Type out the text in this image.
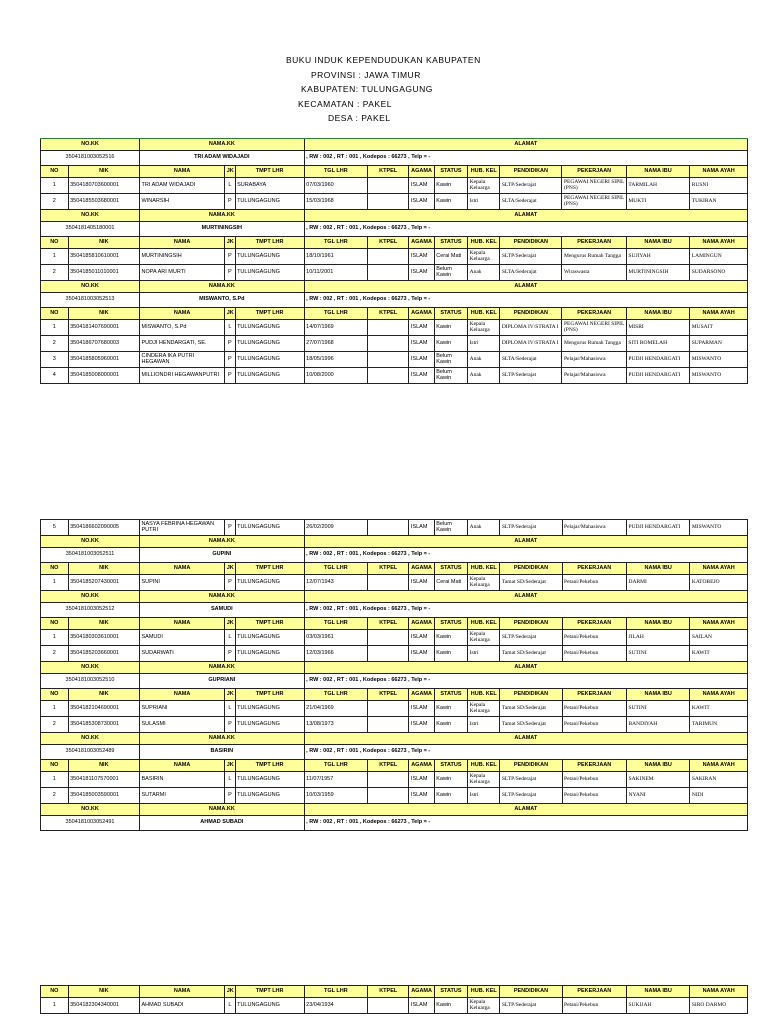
BUKU INDUK KEPENDUDUKAN KABUPATEN
PROVINSI : JAWA TIMUR
KABUPATEN: TULUNGAGUNG
KECAMATAN : PAKEL
DESA : PAKEL
NO.KK		NAMA.KK			ALAMAT								
3504181003052516		TRI ADAM WIDAJADI			, RW : 002 , RT : 001 , Kodepos : 66273 , Telp = -								
NO	NIK	NAMA	JK	TMPT LHR	TGL LHR	KTPEL	AGAMA	STATUS	HUB. KEL	PENDIDIKAN	PEKERJAAN	NAMA IBU	NAMA AYAH
1	3504180703600001	TRI ADAM WIDAJADI	L	SURABAYA	07/03/1960		ISLAM	Kawin	Kepala Keluarga	SLTP/Sederajat	PEGAWAI NEGERI SIPIL (PNS)	TARMILAH	RUSNI
2	3504185503680001	WINARSIH	P	TULUNGAGUNG	15/03/1968		ISLAM	Kawin	Istri	SLTA/Sederajat	PEGAWAI NEGERI SIPIL (PNS)	MUKTI	TUKIRAN
NO.KK		NAMA.KK			ALAMAT								
3504181405180001		MURTININGSIH			, RW : 002 , RT : 001 , Kodepos : 66273 , Telp = -								
NO	NIK	NAMA	JK	TMPT LHR	TGL LHR	KTPEL	AGAMA	STATUS	HUB. KEL	PENDIDIKAN	PEKERJAAN	NAMA IBU	NAMA AYAH
1	3504185810610001	MURTININGSIH	P	TULUNGAGUNG	18/10/1961		ISLAM	Cerai Mati	Kepala Keluarga	SLTP/Sederajat	Mengurus Rumah Tangga	SUJIYAH	LAMINGUN
2	3504185011010001	NOPA ARI MURTI	P	TULUNGAGUNG	10/11/2001		ISLAM	Belum Kawin	Anak	SLTA/Sederajat	Wiraswasta	MURTININGSIH	SUDARSONO
NO.KK		NAMA.KK			ALAMAT								
3504181003052513		MISWANTO, S.Pd			, RW : 002 , RT : 001 , Kodepos : 66273 , Telp = -								
NO	NIK	NAMA	JK	TMPT LHR	TGL LHR	KTPEL	AGAMA	STATUS	HUB. KEL	PENDIDIKAN	PEKERJAAN	NAMA IBU	NAMA AYAH
1	3504181407690001	MISWANTO, S.Pd	L	TULUNGAGUNG	14/07/1969		ISLAM	Kawin	Kepala Keluarga	DIPLOMA IV/STRATA I	PEGAWAI NEGERI SIPIL (PNS)	MISRI	MUSAIT
2	3504186707680003	PUDJI HENDARGATI, SE.	P	TULUNGAGUNG	27/07/1968		ISLAM	Kawin	Istri	DIPLOMA IV/STRATA I	Mengurus Rumah Tangga	SITI ROMELAH	SUPARMAN
3	3504185805960001	CINDERA IKA PUTRI HEGAWAN	P	TULUNGAGUNG	18/05/1996		ISLAM	Belum Kawin	Anak	SLTA/Sederajat	Pelajar/Mahasiswa	PUDJI HENDARGATI	MISWANTO
4	3504185008000001	MILLIONDRI HEGAWANPUTRI	P	TULUNGAGUNG	10/08/2000		ISLAM	Belum Kawin	Anak	SLTP/Sederajat	Pelajar/Mahasiswa	PUDJI HENDARGATI	MISWANTO
5	3504186602090005	NASYA FEBRINA HEGAWAN PUTRI	P	TULUNGAGUNG	26/02/2009		ISLAM	Belum Kawin	Anak	SLTP/Sederajat	Pelajar/Mahasiswa	PUDJI HENDARGATI	MISWANTO
NO.KK		NAMA.KK			ALAMAT								
3504181003052511		GUPINI			, RW : 002 , RT : 001 , Kodepos : 66273 , Telp = -								
NO	NIK	NAMA	JK	TMPT LHR	TGL LHR	KTPEL	AGAMA	STATUS	HUB. KEL	PENDIDIKAN	PEKERJAAN	NAMA IBU	NAMA AYAH
1	3504185207430001	SUPINI	P	TULUNGAGUNG	12/07/1943		ISLAM	Cerai Mati	Kepala Keluarga	Tamat SD/Sederajat	Petani/Pekebun	DARMI	KATOBEJO
NO.KK		NAMA.KK			ALAMAT								
3504181003052512		SAMUDI			, RW : 002 , RT : 001 , Kodepos : 66273 , Telp = -								
NO	NIK	NAMA	JK	TMPT LHR	TGL LHR	KTPEL	AGAMA	STATUS	HUB. KEL	PENDIDIKAN	PEKERJAAN	NAMA IBU	NAMA AYAH
1	3504180303610001	SAMUDI	L	TULUNGAGUNG	03/03/1961		ISLAM	Kawin	Kepala Keluarga	SLTP/Sederajat	Petani/Pekebun	JILAH	SAILAN
2	3504185203660001	SUDARWATI	P	TULUNGAGUNG	12/03/1966		ISLAM	Kawin	Istri	Tamat SD/Sederajat	Petani/Pekebun	SUTINI	KAWIT
NO.KK		NAMA.KK			ALAMAT								
3504181003052510		GUPRIANI			, RW : 002 , RT : 001 , Kodepos : 66273 , Telp = -								
NO	NIK	NAMA	JK	TMPT LHR	TGL LHR	KTPEL	AGAMA	STATUS	HUB. KEL	PENDIDIKAN	PEKERJAAN	NAMA IBU	NAMA AYAH
1	3504182104690001	SUPRIANI	L	TULUNGAGUNG	21/04/1969		ISLAM	Kawin	Kepala Keluarga	Tamat SD/Sederajat	Petani/Pekebun	SUTINI	KAWIT
2	3504185308730001	SULASMI	P	TULUNGAGUNG	13/08/1973		ISLAM	Kawin	Istri	Tamat SD/Sederajat	Petani/Pekebun	BANDIYAH	TARIMUN
NO.KK		NAMA.KK			ALAMAT								
3504181003052489		BASIRIN			, RW : 002 , RT : 001 , Kodepos : 66273 , Telp = -								
NO	NIK	NAMA	JK	TMPT LHR	TGL LHR	KTPEL	AGAMA	STATUS	HUB. KEL	PENDIDIKAN	PEKERJAAN	NAMA IBU	NAMA AYAH
1	3504181107570001	BASIRIN	L	TULUNGAGUNG	11/07/1957		ISLAM	Kawin	Kepala Keluarga	SLTP/Sederajat	Petani/Pekebun	SAKINEM	SAKIRAN
2	3504185003590001	SUTARMI	P	TULUNGAGUNG	10/03/1959		ISLAM	Kawin	Istri	SLTP/Sederajat	Petani/Pekebun	NYANI	NIDI
NO.KK		NAMA.KK			ALAMAT								
3504181003052491		AHMAD SUBADI			, RW : 002 , RT : 001 , Kodepos : 66273 , Telp = -								
NO	NIK	NAMA	JK	TMPT LHR	TGL LHR	KTPEL	AGAMA	STATUS	HUB. KEL	PENDIDIKAN	PEKERJAAN	NAMA IBU	NAMA AYAH
1	3504182304340001	AHMAD SUBADI	L	TULUNGAGUNG	23/04/1934		ISLAM	Kawin	Kepala Keluarga	SLTP/Sederajat	Petani/Pekebun	SUKIJAH	SIRO DARMO
